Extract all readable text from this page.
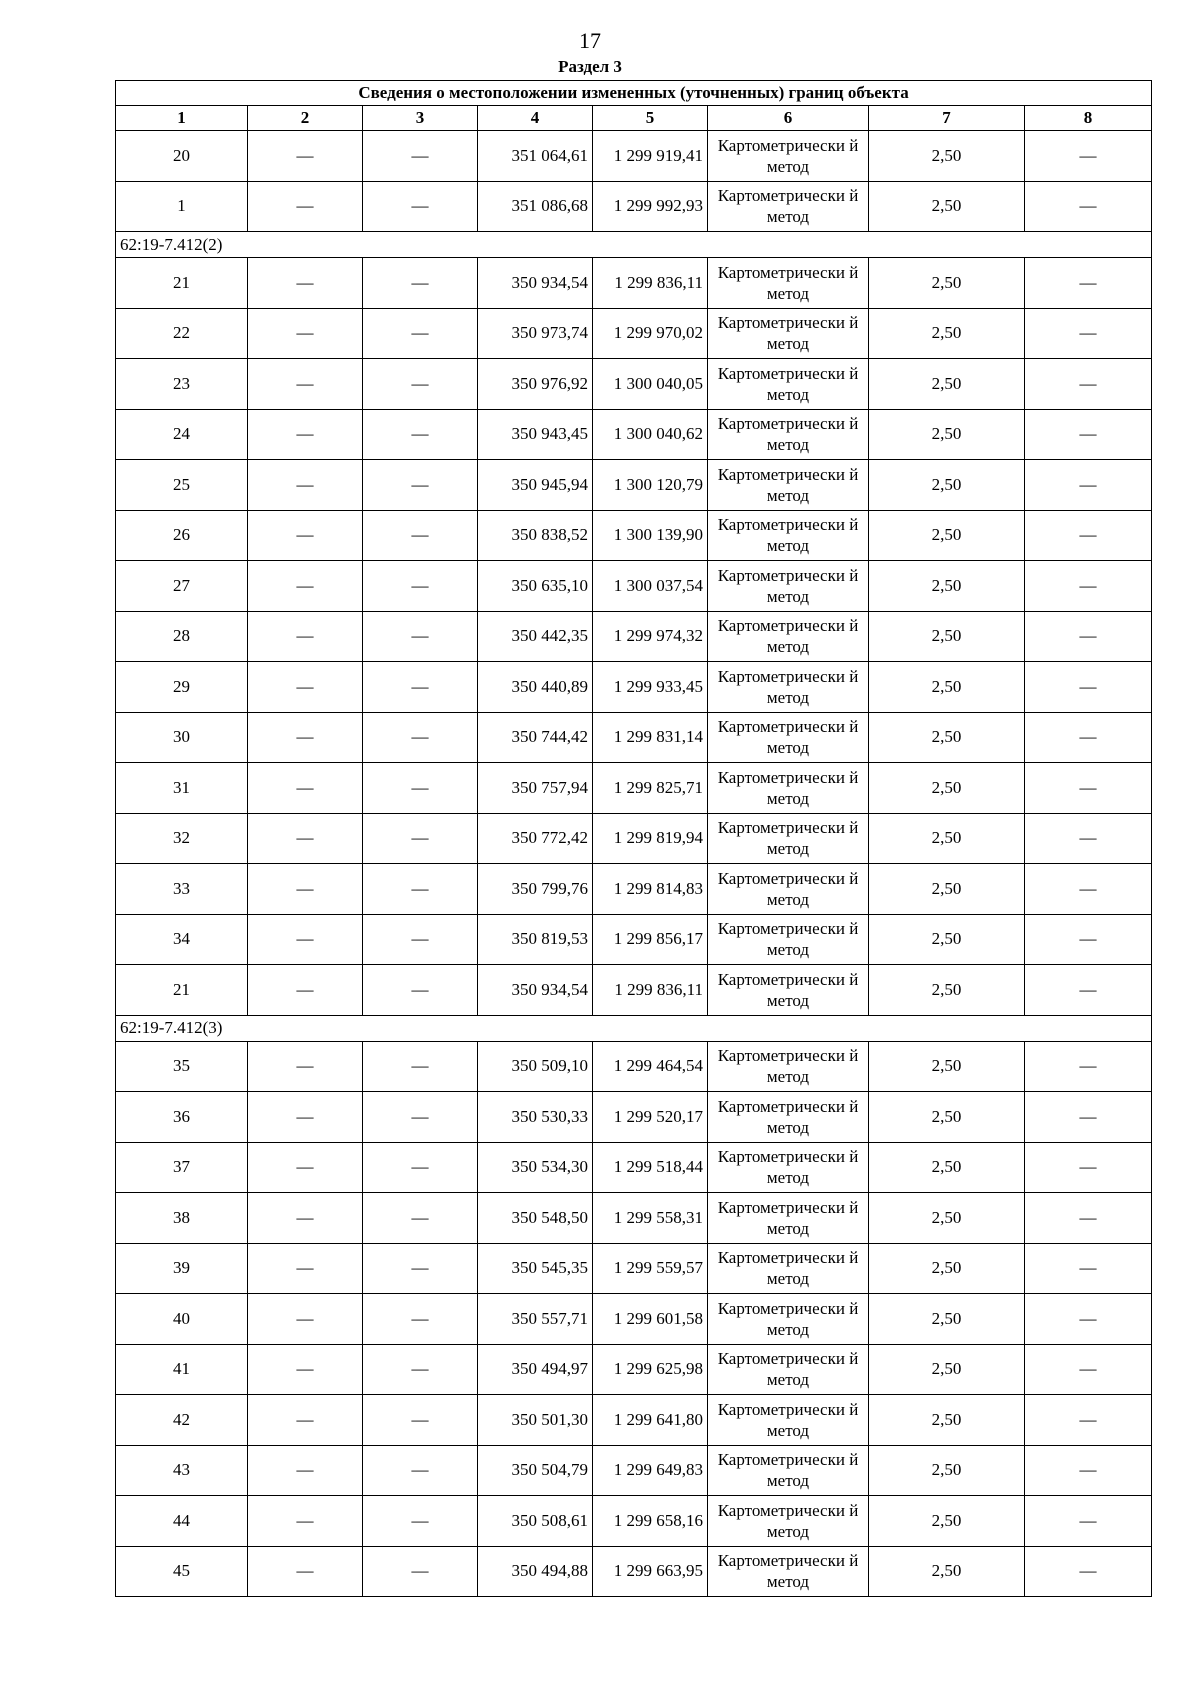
17
Раздел 3
Сведения о местоположении измененных (уточненных) границ объекта							
1	2	3	4	5	6	7	8
20	—	—	351 064,61	1 299 919,41	Картометрически й метод	2,50	—
1	—	—	351 086,68	1 299 992,93	Картометрически й метод	2,50	—
62:19-7.412(2)							
21	—	—	350 934,54	1 299 836,11	Картометрически й метод	2,50	—
22	—	—	350 973,74	1 299 970,02	Картометрически й метод	2,50	—
23	—	—	350 976,92	1 300 040,05	Картометрически й метод	2,50	—
24	—	—	350 943,45	1 300 040,62	Картометрически й метод	2,50	—
25	—	—	350 945,94	1 300 120,79	Картометрически й метод	2,50	—
26	—	—	350 838,52	1 300 139,90	Картометрически й метод	2,50	—
27	—	—	350 635,10	1 300 037,54	Картометрически й метод	2,50	—
28	—	—	350 442,35	1 299 974,32	Картометрически й метод	2,50	—
29	—	—	350 440,89	1 299 933,45	Картометрически й метод	2,50	—
30	—	—	350 744,42	1 299 831,14	Картометрически й метод	2,50	—
31	—	—	350 757,94	1 299 825,71	Картометрически й метод	2,50	—
32	—	—	350 772,42	1 299 819,94	Картометрически й метод	2,50	—
33	—	—	350 799,76	1 299 814,83	Картометрически й метод	2,50	—
34	—	—	350 819,53	1 299 856,17	Картометрически й метод	2,50	—
21	—	—	350 934,54	1 299 836,11	Картометрически й метод	2,50	—
62:19-7.412(3)							
35	—	—	350 509,10	1 299 464,54	Картометрически й метод	2,50	—
36	—	—	350 530,33	1 299 520,17	Картометрически й метод	2,50	—
37	—	—	350 534,30	1 299 518,44	Картометрически й метод	2,50	—
38	—	—	350 548,50	1 299 558,31	Картометрически й метод	2,50	—
39	—	—	350 545,35	1 299 559,57	Картометрически й метод	2,50	—
40	—	—	350 557,71	1 299 601,58	Картометрически й метод	2,50	—
41	—	—	350 494,97	1 299 625,98	Картометрически й метод	2,50	—
42	—	—	350 501,30	1 299 641,80	Картометрически й метод	2,50	—
43	—	—	350 504,79	1 299 649,83	Картометрически й метод	2,50	—
44	—	—	350 508,61	1 299 658,16	Картометрически й метод	2,50	—
45	—	—	350 494,88	1 299 663,95	Картометрически й метод	2,50	—
